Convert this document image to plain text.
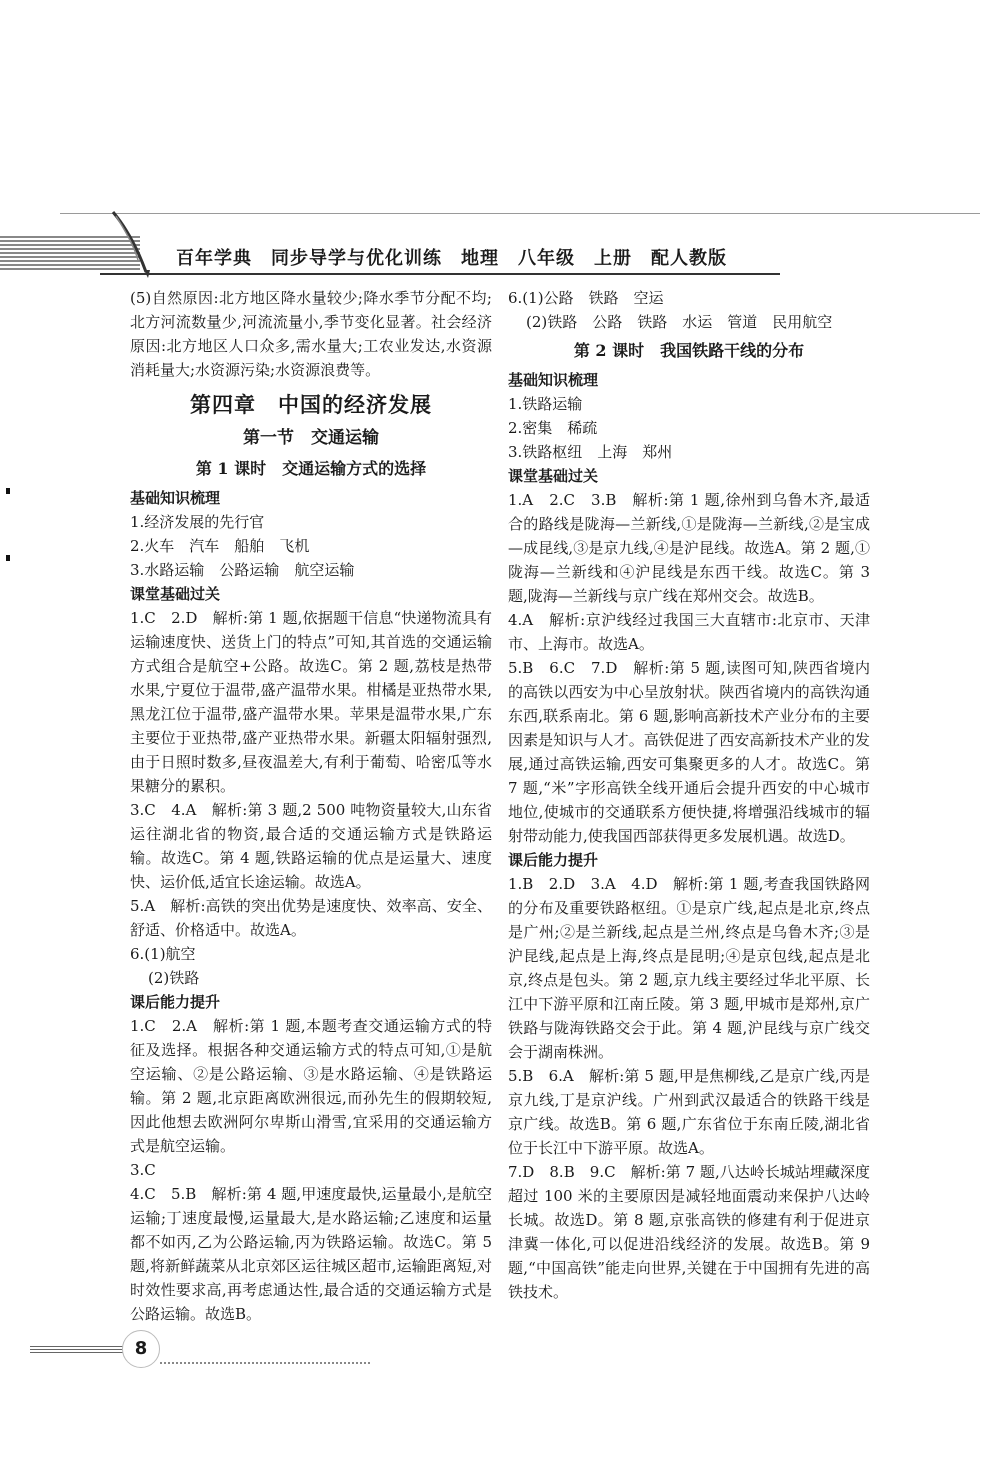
百年学典　同步导学与优化训练　地理　八年级　上册　配人教版

(5)自然原因:北方地区降水量较少;降水季节分配不均;北方河流数量少,河流流量小,季节变化显著。社会经济原因:北方地区人口众多,需水量大;工农业发达,水资源消耗量大;水资源污染;水资源浪费等。

第四章　中国的经济发展

第一节　交通运输

第 1 课时　交通运输方式的选择

基础知识梳理

1.经济发展的先行官

2.火车　汽车　船舶　飞机

3.水路运输　公路运输　航空运输

课堂基础过关

1.C　2.D　解析:第 1 题,依据题干信息“快递物流具有运输速度快、送货上门的特点”可知,其首选的交通运输方式组合是航空+公路。故选C。第 2 题,荔枝是热带水果,宁夏位于温带,盛产温带水果。柑橘是亚热带水果,黑龙江位于温带,盛产温带水果。苹果是温带水果,广东主要位于亚热带,盛产亚热带水果。新疆太阳辐射强烈,由于日照时数多,昼夜温差大,有利于葡萄、哈密瓜等水果糖分的累积。

3.C　4.A　解析:第 3 题,2 500 吨物资量较大,山东省运往湖北省的物资,最合适的交通运输方式是铁路运输。故选C。第 4 题,铁路运输的优点是运量大、速度快、运价低,适宜长途运输。故选A。

5.A　解析:高铁的突出优势是速度快、效率高、安全、舒适、价格适中。故选A。

6.(1)航空

(2)铁路

课后能力提升

1.C　2.A　解析:第 1 题,本题考查交通运输方式的特征及选择。根据各种交通运输方式的特点可知,①是航空运输、②是公路运输、③是水路运输、④是铁路运输。第 2 题,北京距离欧洲很远,而孙先生的假期较短,因此他想去欧洲阿尔卑斯山滑雪,宜采用的交通运输方式是航空运输。

3.C

4.C　5.B　解析:第 4 题,甲速度最快,运量最小,是航空运输;丁速度最慢,运量最大,是水路运输;乙速度和运量都不如丙,乙为公路运输,丙为铁路运输。故选C。第 5 题,将新鲜蔬菜从北京郊区运往城区超市,运输距离短,对时效性要求高,再考虑通达性,最合适的交通运输方式是公路运输。故选B。

6.(1)公路　铁路　空运

(2)铁路　公路　铁路　水运　管道　民用航空

第 2 课时　我国铁路干线的分布

基础知识梳理

1.铁路运输

2.密集　稀疏

3.铁路枢纽　上海　郑州

课堂基础过关

1.A　2.C　3.B　解析:第 1 题,徐州到乌鲁木齐,最适合的路线是陇海—兰新线,①是陇海—兰新线,②是宝成—成昆线,③是京九线,④是沪昆线。故选A。第 2 题,①陇海—兰新线和④沪昆线是东西干线。故选C。第 3 题,陇海—兰新线与京广线在郑州交会。故选B。

4.A　解析:京沪线经过我国三大直辖市:北京市、天津市、上海市。故选A。

5.B　6.C　7.D　解析:第 5 题,读图可知,陕西省境内的高铁以西安为中心呈放射状。陕西省境内的高铁沟通东西,联系南北。第 6 题,影响高新技术产业分布的主要因素是知识与人才。高铁促进了西安高新技术产业的发展,通过高铁运输,西安可集聚更多的人才。故选C。第 7 题,“米”字形高铁全线开通后会提升西安的中心城市地位,使城市的交通联系方便快捷,将增强沿线城市的辐射带动能力,使我国西部获得更多发展机遇。故选D。

课后能力提升

1.B　2.D　3.A　4.D　解析:第 1 题,考查我国铁路网的分布及重要铁路枢纽。①是京广线,起点是北京,终点是广州;②是兰新线,起点是兰州,终点是乌鲁木齐;③是沪昆线,起点是上海,终点是昆明;④是京包线,起点是北京,终点是包头。第 2 题,京九线主要经过华北平原、长江中下游平原和江南丘陵。第 3 题,甲城市是郑州,京广铁路与陇海铁路交会于此。第 4 题,沪昆线与京广线交会于湖南株洲。

5.B　6.A　解析:第 5 题,甲是焦柳线,乙是京广线,丙是京九线,丁是京沪线。广州到武汉最适合的铁路干线是京广线。故选B。第 6 题,广东省位于东南丘陵,湖北省位于长江中下游平原。故选A。

7.D　8.B　9.C　解析:第 7 题,八达岭长城站埋藏深度超过 100 米的主要原因是减轻地面震动来保护八达岭长城。故选D。第 8 题,京张高铁的修建有利于促进京津冀一体化,可以促进沿线经济的发展。故选B。第 9 题,“中国高铁”能走向世界,关键在于中国拥有先进的高铁技术。

8
